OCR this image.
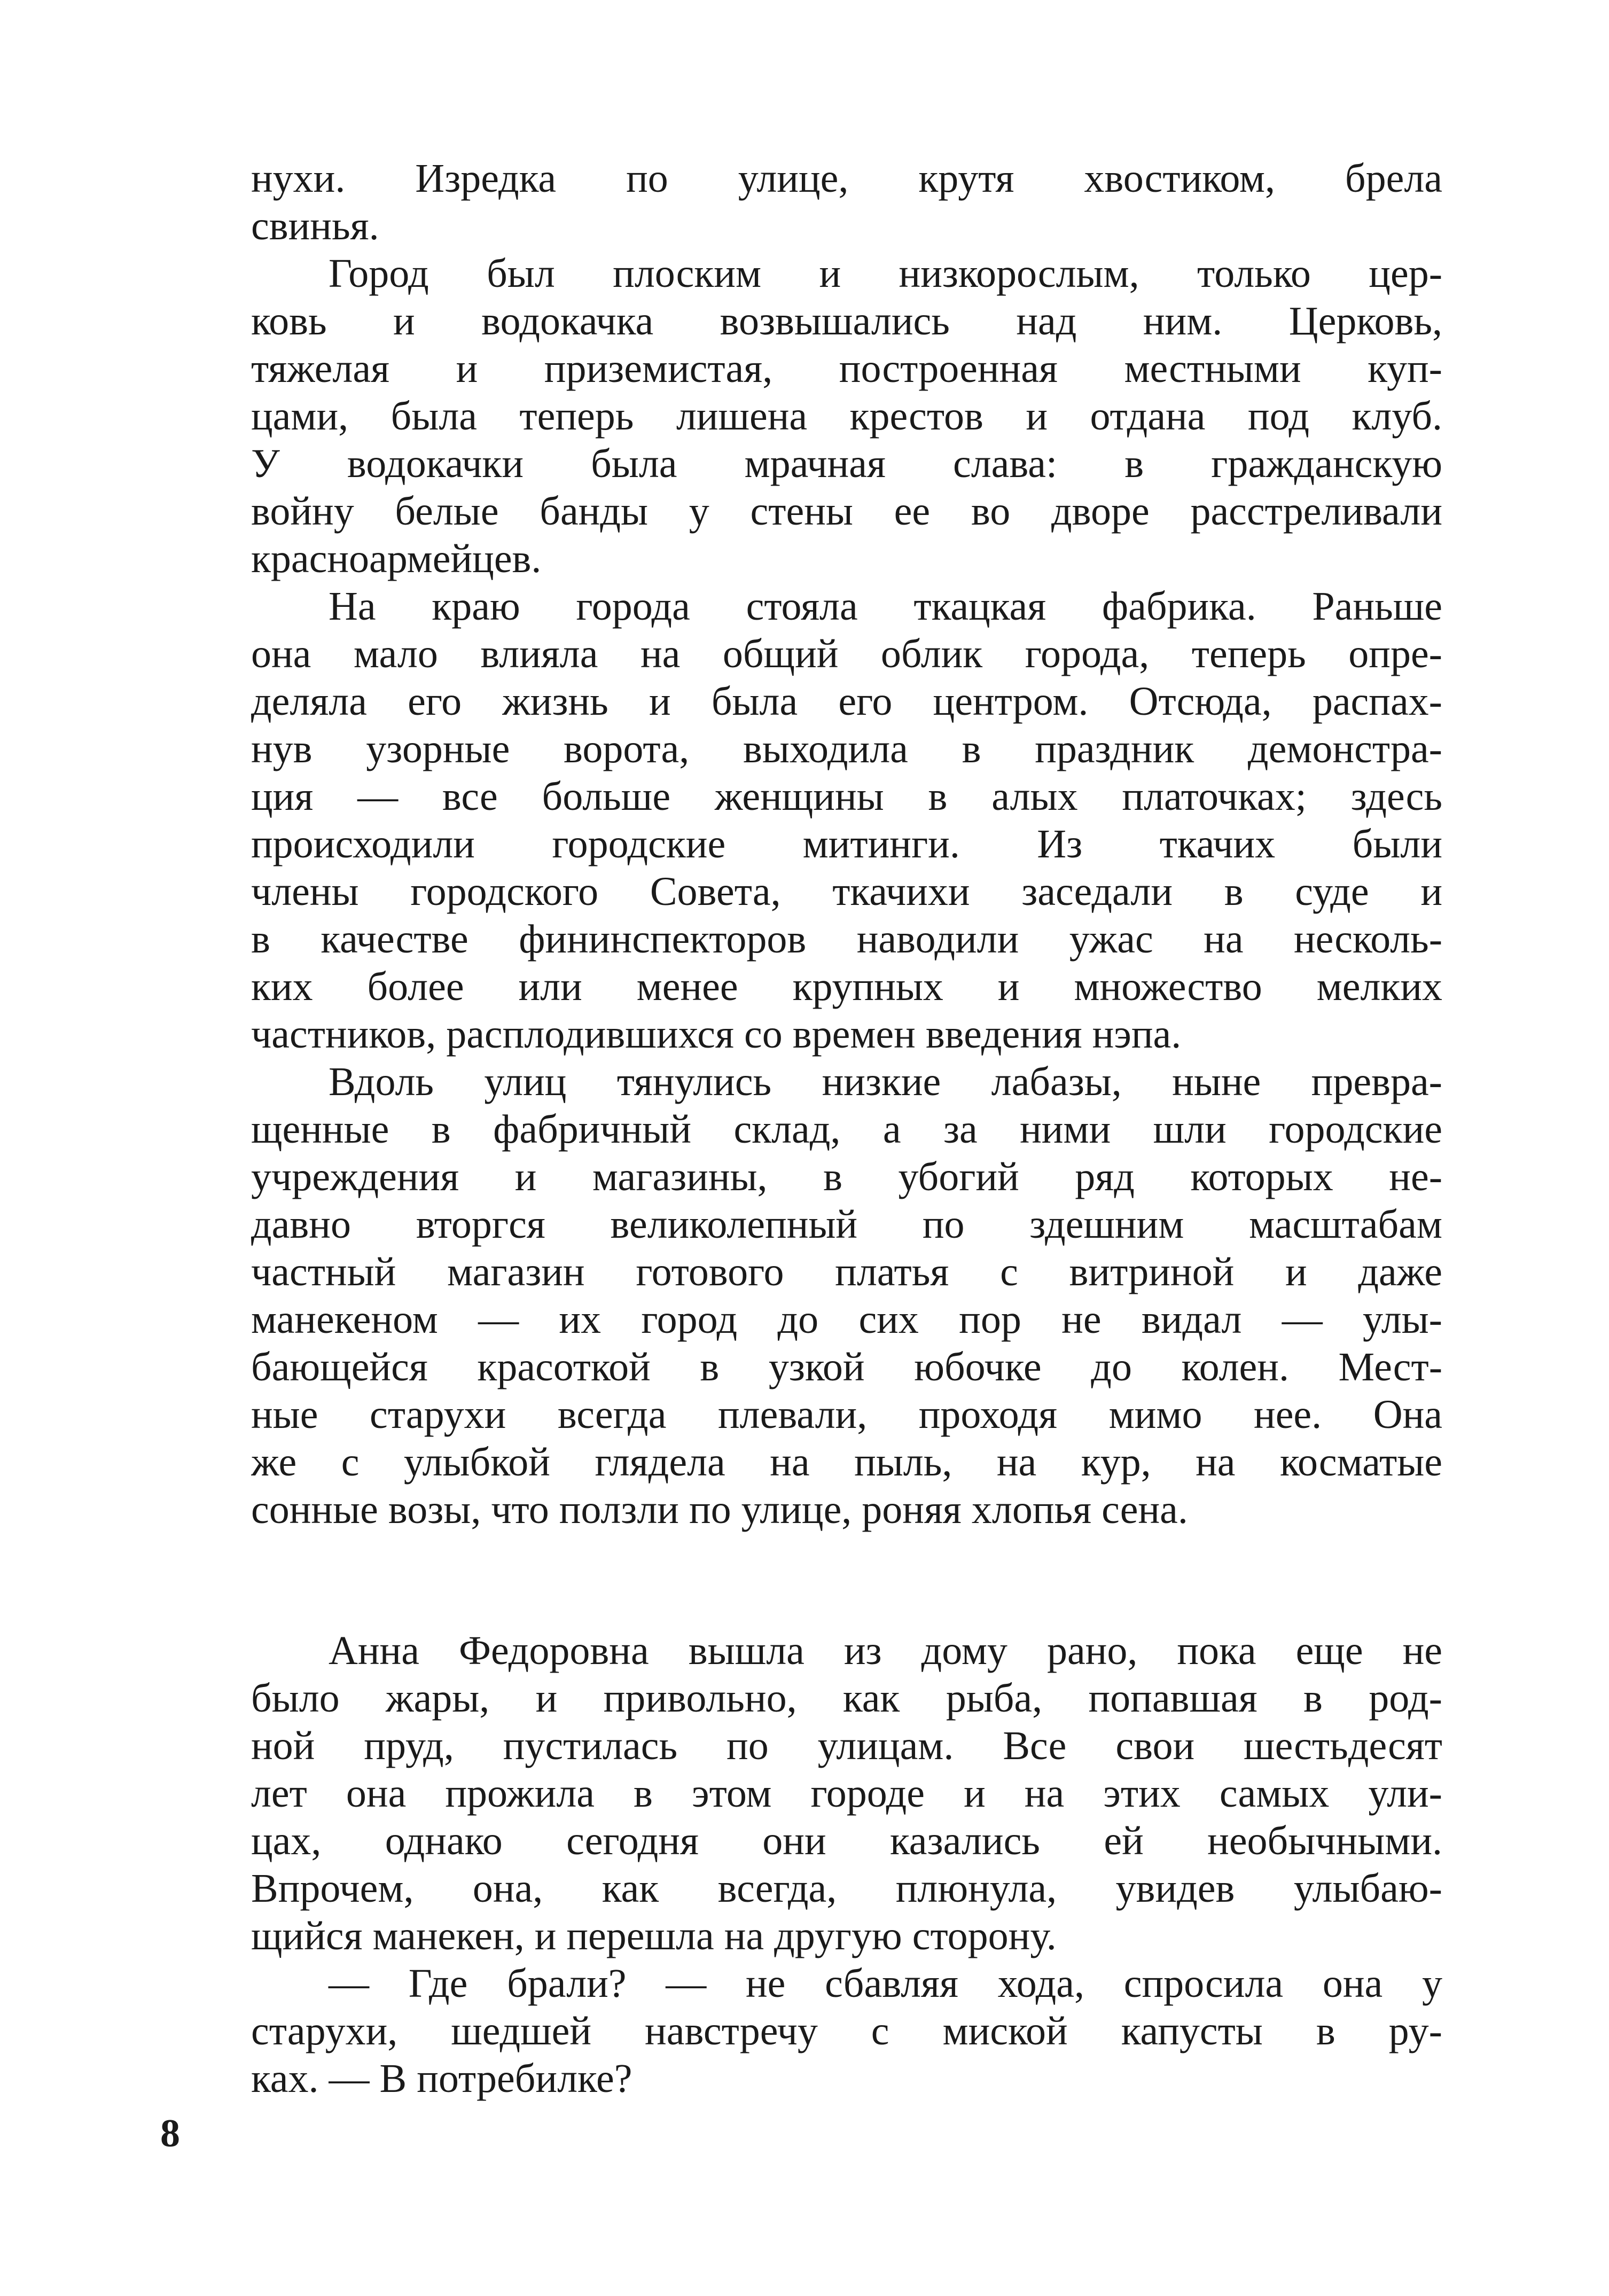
нухи. Изредка по улице, крутя хвостиком, брела
свинья.
Город был плоским и низкорослым, только цер-
ковь и водокачка возвышались над ним. Церковь,
тяжелая и приземистая, построенная местными куп-
цами, была теперь лишена крестов и отдана под клуб.
У водокачки была мрачная слава: в гражданскую
войну белые банды у стены ее во дворе расстреливали
красноармейцев.
На краю города стояла ткацкая фабрика. Раньше
она мало влияла на общий облик города, теперь опре-
деляла его жизнь и была его центром. Отсюда, распах-
нув узорные ворота, выходила в праздник демонстра-
ция — все больше женщины в алых платочках; здесь
происходили городские митинги. Из ткачих были
члены городского Совета, ткачихи заседали в суде и
в качестве фининспекторов наводили ужас на несколь-
ких более или менее крупных и множество мелких
частников, расплодившихся со времен введения нэпа.
Вдоль улиц тянулись низкие лабазы, ныне превра-
щенные в фабричный склад, а за ними шли городские
учреждения и магазины, в убогий ряд которых не-
давно вторгся великолепный по здешним масштабам
частный магазин готового платья с витриной и даже
манекеном — их город до сих пор не видал — улы-
бающейся красоткой в узкой юбочке до колен. Мест-
ные старухи всегда плевали, проходя мимо нее. Она
же с улыбкой глядела на пыль, на кур, на косматые
сонные возы, что ползли по улице, роняя хлопья сена.
Анна Федоровна вышла из дому рано, пока еще не
было жары, и привольно, как рыба, попавшая в род-
ной пруд, пустилась по улицам. Все свои шестьдесят
лет она прожила в этом городе и на этих самых ули-
цах, однако сегодня они казались ей необычными.
Впрочем, она, как всегда, плюнула, увидев улыбаю-
щийся манекен, и перешла на другую сторону.
— Где брали? — не сбавляя хода, спросила она у
старухи, шедшей навстречу с миской капусты в ру-
ках. — В потребилке?
8
